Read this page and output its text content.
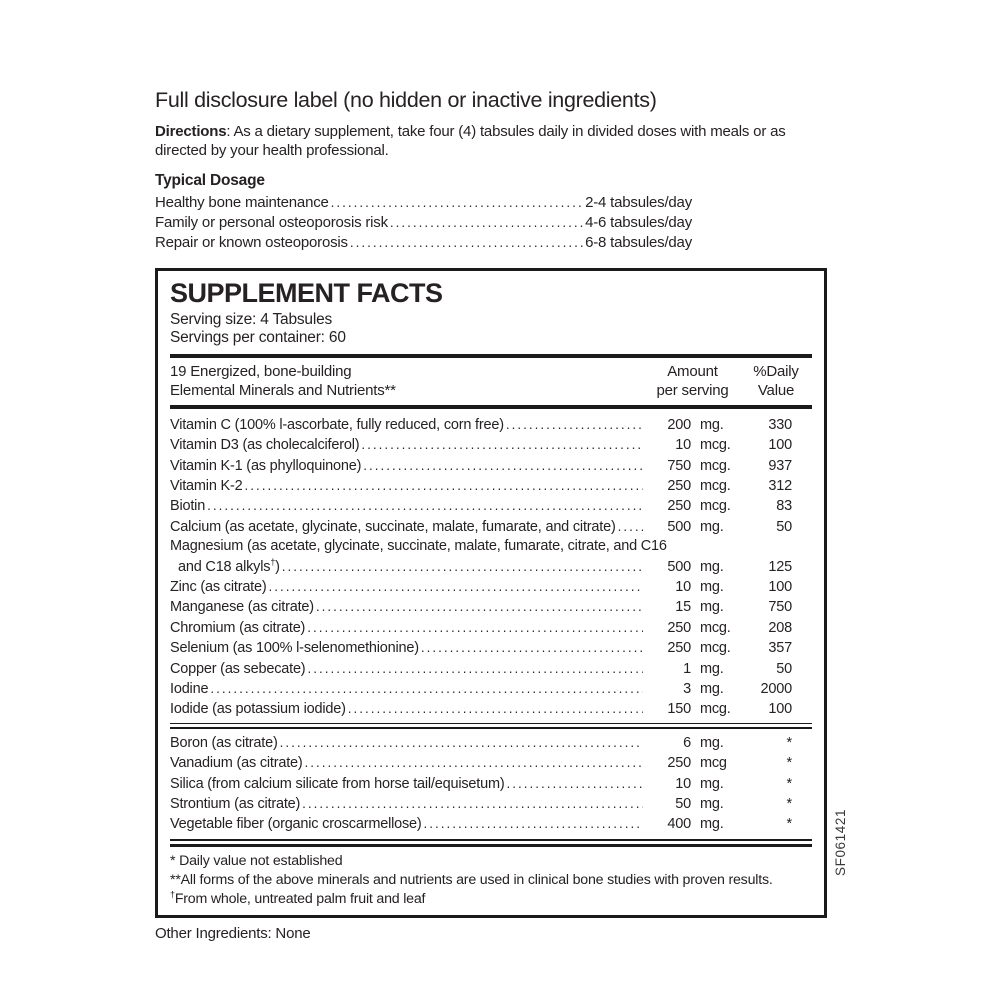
Full disclosure label (no hidden or inactive ingredients)

Directions: As a dietary supplement, take four (4) tabsules daily in divided doses with meals or as directed by your health professional.

Typical Dosage
Healthy bone maintenance .....	2-4 tabsules/day
Family or personal osteoporosis risk .....	4-6 tabsules/day
Repair or known osteoporosis .....	6-8 tabsules/day
SUPPLEMENT FACTS
Serving size: 4 Tabsules
Servings per container: 60
19 Energized, bone-building
Elemental Minerals and Nutrients**
Amount
per serving
%Daily
Value
Vitamin C (100% l-ascorbate, fully reduced, corn free) .....	200 mg.	330
Vitamin D3 (as cholecalciferol) .....	10 mcg.	100
Vitamin K-1 (as phylloquinone) .....	750 mcg.	937
Vitamin K-2 .....	250 mcg.	312
Biotin .....	250 mcg.	83
Calcium (as acetate, glycinate, succinate, malate, fumarate, and citrate) .....	500 mg.	50
Magnesium (as acetate, glycinate, succinate, malate, fumarate, citrate, and C16
and C18 alkyls†) .....	500 mg.	125
Zinc (as citrate) .....	10 mg.	100
Manganese (as citrate) .....	15 mg.	750
Chromium (as citrate) .....	250 mcg.	208
Selenium (as 100% l-selenomethionine) .....	250 mcg.	357
Copper (as sebecate) .....	1 mg.	50
Iodine .....	3 mg.	2000
Iodide (as potassium iodide) .....	150 mcg.	100
Boron (as citrate) .....	6 mg.	*
Vanadium (as citrate) .....	250 mcg	*
Silica (from calcium silicate from horse tail/equisetum) .....	10 mg.	*
Strontium (as citrate) .....	50 mg.	*
Vegetable fiber (organic croscarmellose) .....	400 mg.	*
* Daily value not established
**All forms of the above minerals and nutrients are used in clinical bone studies with proven results.
†From whole, untreated palm fruit and leaf

Other Ingredients: None

SF061421
